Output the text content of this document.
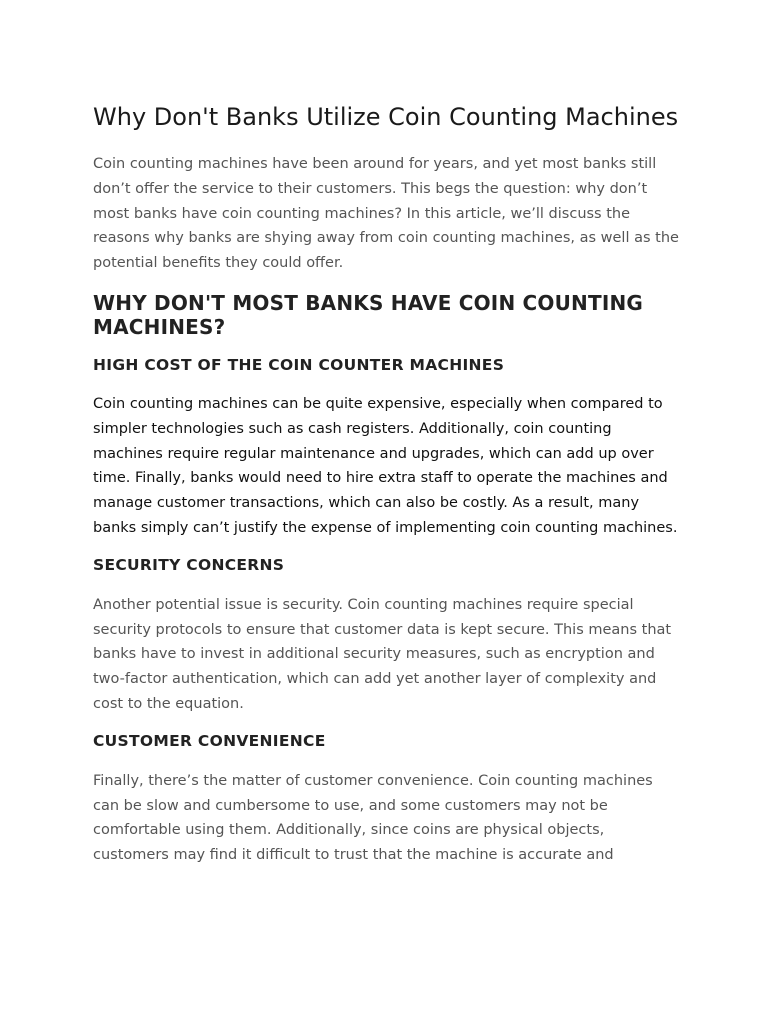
Why Don't Banks Utilize Coin Counting Machines

Coin counting machines have been around for years, and yet most banks still don’t offer the service to their customers. This begs the question: why don’t most banks have coin counting machines? In this article, we’ll discuss the reasons why banks are shying away from coin counting machines, as well as the potential benefits they could offer.

WHY DON'T MOST BANKS HAVE COIN COUNTING MACHINES?
HIGH COST OF THE COIN COUNTER MACHINES

Coin counting machines can be quite expensive, especially when compared to simpler technologies such as cash registers. Additionally, coin counting machines require regular maintenance and upgrades, which can add up over time. Finally, banks would need to hire extra staff to operate the machines and manage customer transactions, which can also be costly. As a result, many banks simply can’t justify the expense of implementing coin counting machines.

SECURITY CONCERNS

Another potential issue is security. Coin counting machines require special security protocols to ensure that customer data is kept secure. This means that banks have to invest in additional security measures, such as encryption and two-factor authentication, which can add yet another layer of complexity and cost to the equation.

CUSTOMER CONVENIENCE

Finally, there’s the matter of customer convenience. Coin counting machines can be slow and cumbersome to use, and some customers may not be comfortable using them. Additionally, since coins are physical objects, customers may find it difficult to trust that the machine is accurate and
